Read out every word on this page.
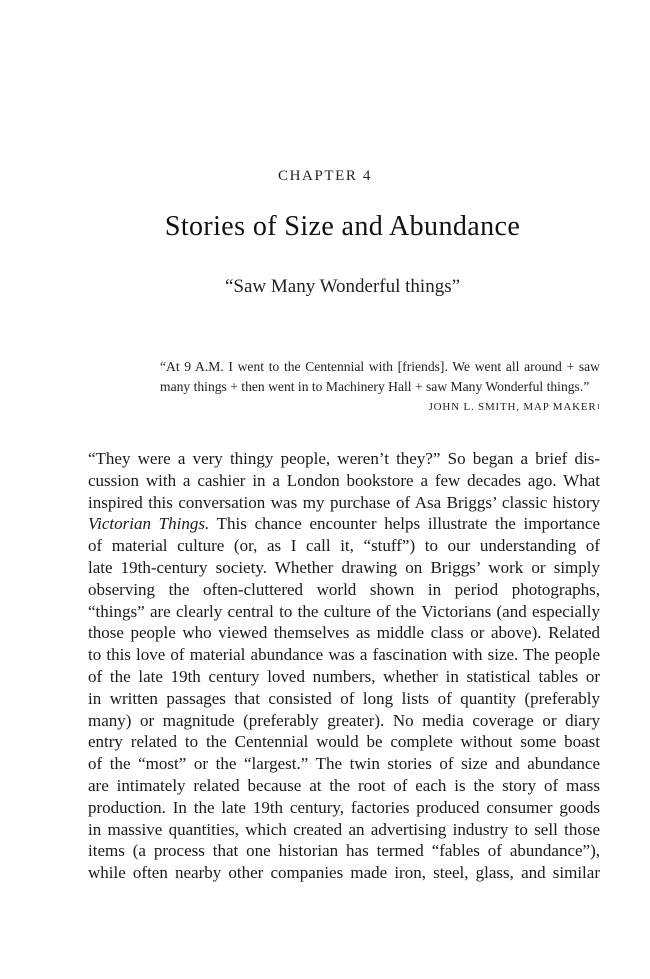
CHAPTER 4
Stories of Size and Abundance
“Saw Many Wonderful things”

“At 9 A.M. I went to the Centennial with [friends]. We went all around + saw many things + then went in to Machinery Hall + saw Many Wonderful things.”

JOHN L. SMITH, MAP MAKER$^1$
“They were a very thingy people, weren’t they?” So began a brief dis-
cussion with a cashier in a London bookstore a few decades ago. What
inspired this conversation was my purchase of Asa Briggs’ classic history
Victorian Things. This chance encounter helps illustrate the importance
of material culture (or, as I call it, “stuff”) to our understanding of
late 19th-century society. Whether drawing on Briggs’ work or simply
observing the often-cluttered world shown in period photographs,
“things” are clearly central to the culture of the Victorians (and especially
those people who viewed themselves as middle class or above). Related
to this love of material abundance was a fascination with size. The people
of the late 19th century loved numbers, whether in statistical tables or
in written passages that consisted of long lists of quantity (preferably
many) or magnitude (preferably greater). No media coverage or diary
entry related to the Centennial would be complete without some boast
of the “most” or the “largest.” The twin stories of size and abundance
are intimately related because at the root of each is the story of mass
production. In the late 19th century, factories produced consumer goods
in massive quantities, which created an advertising industry to sell those
items (a process that one historian has termed “fables of abundance”),
while often nearby other companies made iron, steel, glass, and similar
